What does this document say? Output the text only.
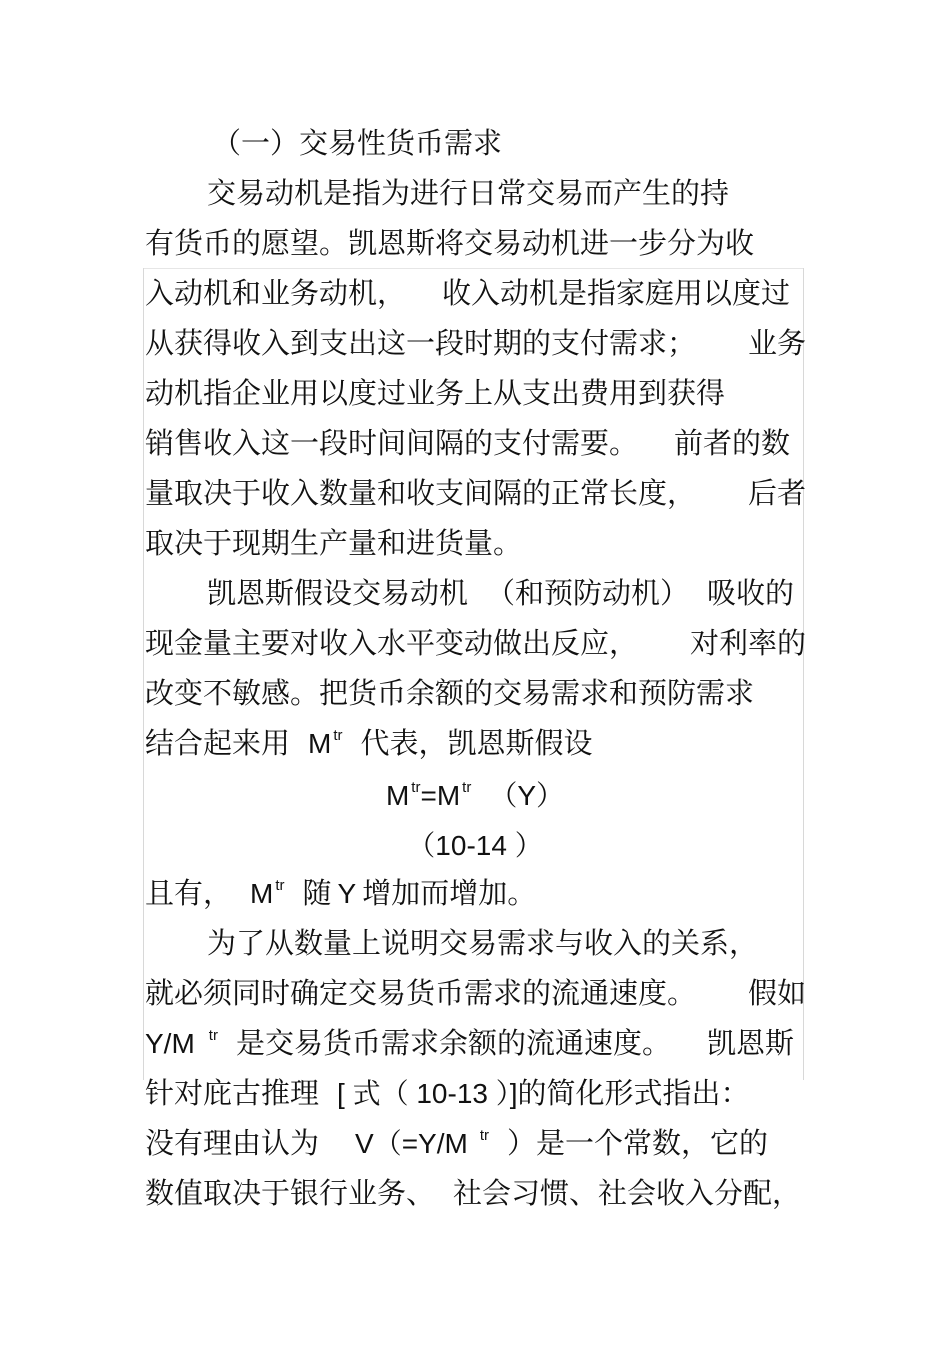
（一）交易性货币需求
交易动机是指为进行日常交易而产生的持
有货币的愿望。凯恩斯将交易动机进一步分为收
入动机和业务动机， 收入动机是指家庭用以度过
从获得收入到支出这一段时期的支付需求； 业务
动机指企业用以度过业务上从支出费用到获得
销售收入这一段时间间隔的支付需要。 前者的数
量取决于收入数量和收支间隔的正常长度， 后者
取决于现期生产量和进货量。
凯恩斯假设交易动机 （和预防动机） 吸收的
现金量主要对收入水平变动做出反应， 对利率的
改变不敏感。把货币余额的交易需求和预防需求
结合起来用 M $^{tr}$ 代表，凯恩斯假设
M $^{tr}$=M $^{tr}$ （Y）
（10-14 ）
且有， M $^{tr}$ 随 Y 增加而增加。
为了从数量上说明交易需求与收入的关系，
就必须同时确定交易货币需求的流通速度。 假如
Y/M $^{tr}$ 是交易货币需求余额的流通速度。 凯恩斯
针对庇古推理 [ 式（ 10-13 ）]的简化形式指出：
没有理由认为 V（=Y/M $^{tr}$ ）是一个常数，它的
数值取决于银行业务、 社会习惯、社会收入分配，
